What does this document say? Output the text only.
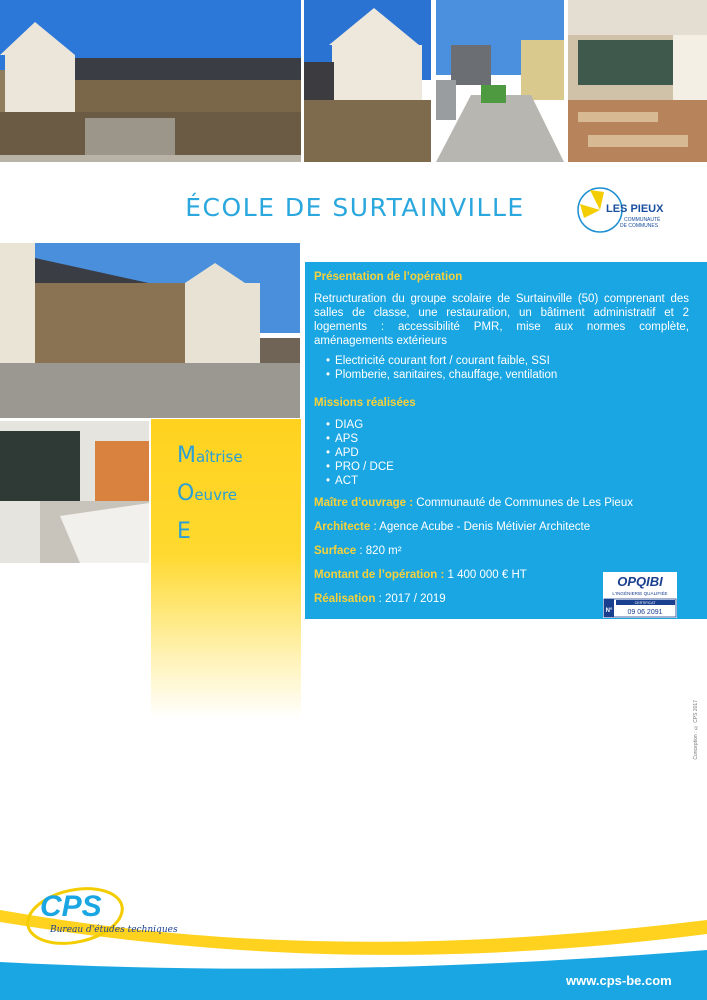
ÉCOLE DE SURTAINVILLE	LES PIEUX
COMMUNAUTÉ
DE COMMUNES
Maîtrise
Oeuvre
E
Présentation de l’opération

Retructuration du groupe scolaire de Surtainville (50) comprenant des salles de classe, une restauration, un bâtiment administratif et 2 logements : accessibilité PMR, mise aux normes complète, aménagements extérieurs

• Electricité courant fort / courant faible, SSI
• Plomberie, sanitaires, chauffage, ventilation
Missions réalisées
• DIAG
• APS
• APD
• PRO / DCE
• ACT
Maître d’ouvrage : Communauté de Communes de Les Pieux
Architecte : Agence Acube - Denis Métivier Architecte
Surface : 820 m²
Montant de l’opération : 1 400 000 € HT
Réalisation : 2017 / 2019
OPQIBI
L'INGÉNIERIE QUALIFIÉE
N°
CERTIFICAT
09 06 2091
Conception : © CPS 2017
CPS
Bureau d'études techniques
www.cps-be.com
